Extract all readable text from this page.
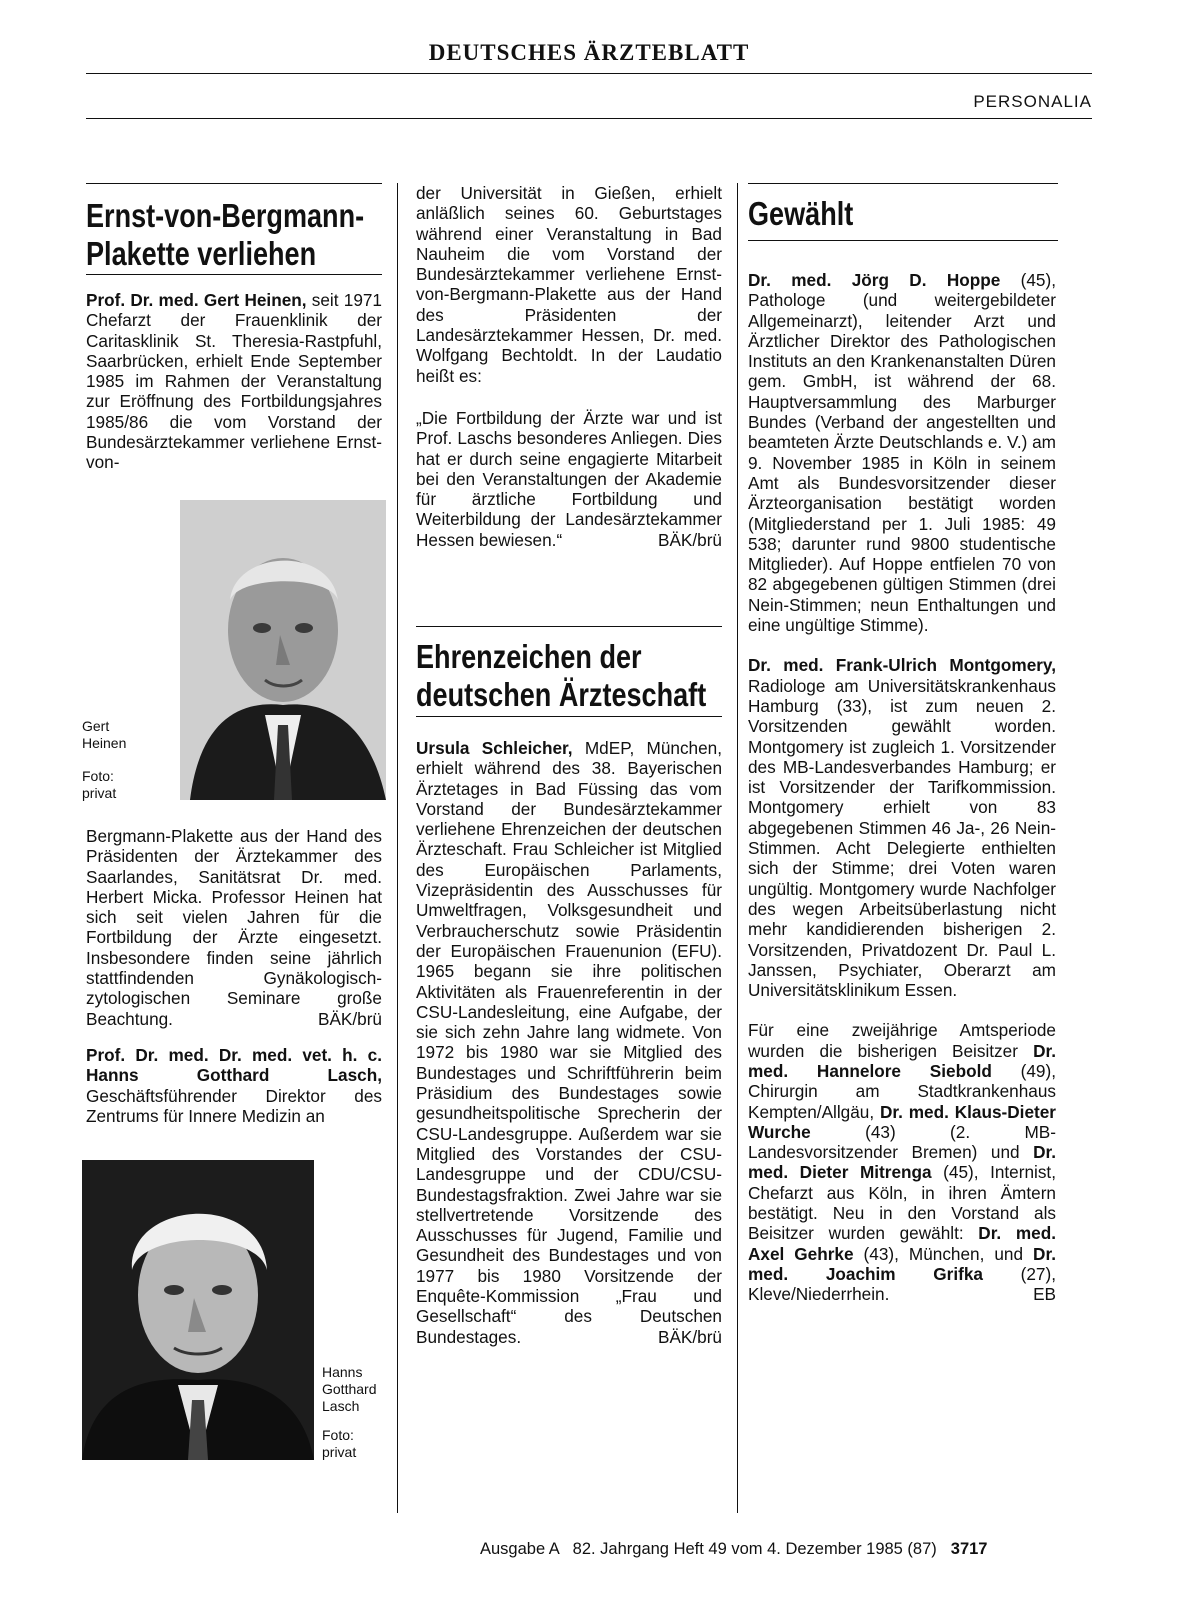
DEUTSCHES ÄRZTEBLATT
PERSONALIA
Ernst-von-Bergmann-
Plakette verliehen

Prof. Dr. med. Gert Heinen, seit 1971 Chefarzt der Frauenklinik der Caritasklinik St. Theresia-Rastpfuhl, Saarbrücken, erhielt Ende September 1985 im Rahmen der Veranstaltung zur Eröffnung des Fortbildungsjahres 1985/86 die vom Vorstand der Bundesärztekammer verliehene Ernst-von-

Gert Heinen
Foto: privat

Bergmann-Plakette aus der Hand des Präsidenten der Ärztekammer des Saarlandes, Sanitätsrat Dr. med. Herbert Micka. Professor Heinen hat sich seit vielen Jahren für die Fortbildung der Ärzte eingesetzt. Insbesondere finden seine jährlich stattfindenden Gynäkologisch-zytologischen Seminare große Beachtung.	BÄK/brü

Prof. Dr. med. Dr. med. vet. h. c. Hanns Gotthard Lasch, Geschäftsführender Direktor des Zentrums für Innere Medizin an

Hanns Gotthard Lasch
Foto: privat

der Universität in Gießen, erhielt anläßlich seines 60. Geburtstages während einer Veranstaltung in Bad Nauheim die vom Vorstand der Bundesärztekammer verliehene Ernst-von-Bergmann-Plakette aus der Hand des Präsidenten der Landesärztekammer Hessen, Dr. med. Wolfgang Bechtoldt. In der Laudatio heißt es:

„Die Fortbildung der Ärzte war und ist Prof. Laschs besonderes Anliegen. Dies hat er durch seine engagierte Mitarbeit bei den Veranstaltungen der Akademie für ärztliche Fortbildung und Weiterbildung der Landesärztekammer Hessen bewiesen.“	BÄK/brü

Ehrenzeichen der
deutschen Ärzteschaft

Ursula Schleicher, MdEP, München, erhielt während des 38. Bayerischen Ärztetages in Bad Füssing das vom Vorstand der Bundesärztekammer verliehene Ehrenzeichen der deutschen Ärzteschaft. Frau Schleicher ist Mitglied des Europäischen Parlaments, Vizepräsidentin des Ausschusses für Umweltfragen, Volksgesundheit und Verbraucherschutz sowie Präsidentin der Europäischen Frauenunion (EFU). 1965 begann sie ihre politischen Aktivitäten als Frauenreferentin in der CSU-Landesleitung, eine Aufgabe, der sie sich zehn Jahre lang widmete. Von 1972 bis 1980 war sie Mitglied des Bundestages und Schriftführerin beim Präsidium des Bundestages sowie gesundheitspolitische Sprecherin der CSU-Landesgruppe. Außerdem war sie Mitglied des Vorstandes der CSU-Landesgruppe und der CDU/CSU-Bundestagsfraktion. Zwei Jahre war sie stellvertretende Vorsitzende des Ausschusses für Jugend, Familie und Gesundheit des Bundestages und von 1977 bis 1980 Vorsitzende der Enquête-Kommission „Frau und Gesellschaft“ des Deutschen Bundestages.	BÄK/brü

Gewählt

Dr. med. Jörg D. Hoppe (45), Pathologe (und weitergebildeter Allgemeinarzt), leitender Arzt und Ärztlicher Direktor des Pathologischen Instituts an den Krankenanstalten Düren gem. GmbH, ist während der 68. Hauptversammlung des Marburger Bundes (Verband der angestellten und beamteten Ärzte Deutschlands e. V.) am 9. November 1985 in Köln in seinem Amt als Bundesvorsitzender dieser Ärzteorganisation bestätigt worden (Mitgliederstand per 1. Juli 1985: 49 538; darunter rund 9800 studentische Mitglieder). Auf Hoppe entfielen 70 von 82 abgegebenen gültigen Stimmen (drei Nein-Stimmen; neun Enthaltungen und eine ungültige Stimme).

Dr. med. Frank-Ulrich Montgomery, Radiologe am Universitätskrankenhaus Hamburg (33), ist zum neuen 2. Vorsitzenden gewählt worden. Montgomery ist zugleich 1. Vorsitzender des MB-Landesverbandes Hamburg; er ist Vorsitzender der Tarifkommission. Montgomery erhielt von 83 abgegebenen Stimmen 46 Ja-, 26 Nein-Stimmen. Acht Delegierte enthielten sich der Stimme; drei Voten waren ungültig. Montgomery wurde Nachfolger des wegen Arbeitsüberlastung nicht mehr kandidierenden bisherigen 2. Vorsitzenden, Privatdozent Dr. Paul L. Janssen, Psychiater, Oberarzt am Universitätsklinikum Essen.

Für eine zweijährige Amtsperiode wurden die bisherigen Beisitzer Dr. med. Hannelore Siebold (49), Chirurgin am Stadtkrankenhaus Kempten/Allgäu, Dr. med. Klaus-Dieter Wurche (43) (2. MB-Landesvorsitzender Bremen) und Dr. med. Dieter Mitrenga (45), Internist, Chefarzt aus Köln, in ihren Ämtern bestätigt. Neu in den Vorstand als Beisitzer wurden gewählt: Dr. med. Axel Gehrke (43), München, und Dr. med. Joachim Grifka (27), Kleve/Niederrhein.	EB

Ausgabe A   82. Jahrgang Heft 49 vom 4. Dezember 1985 (87) 3717
